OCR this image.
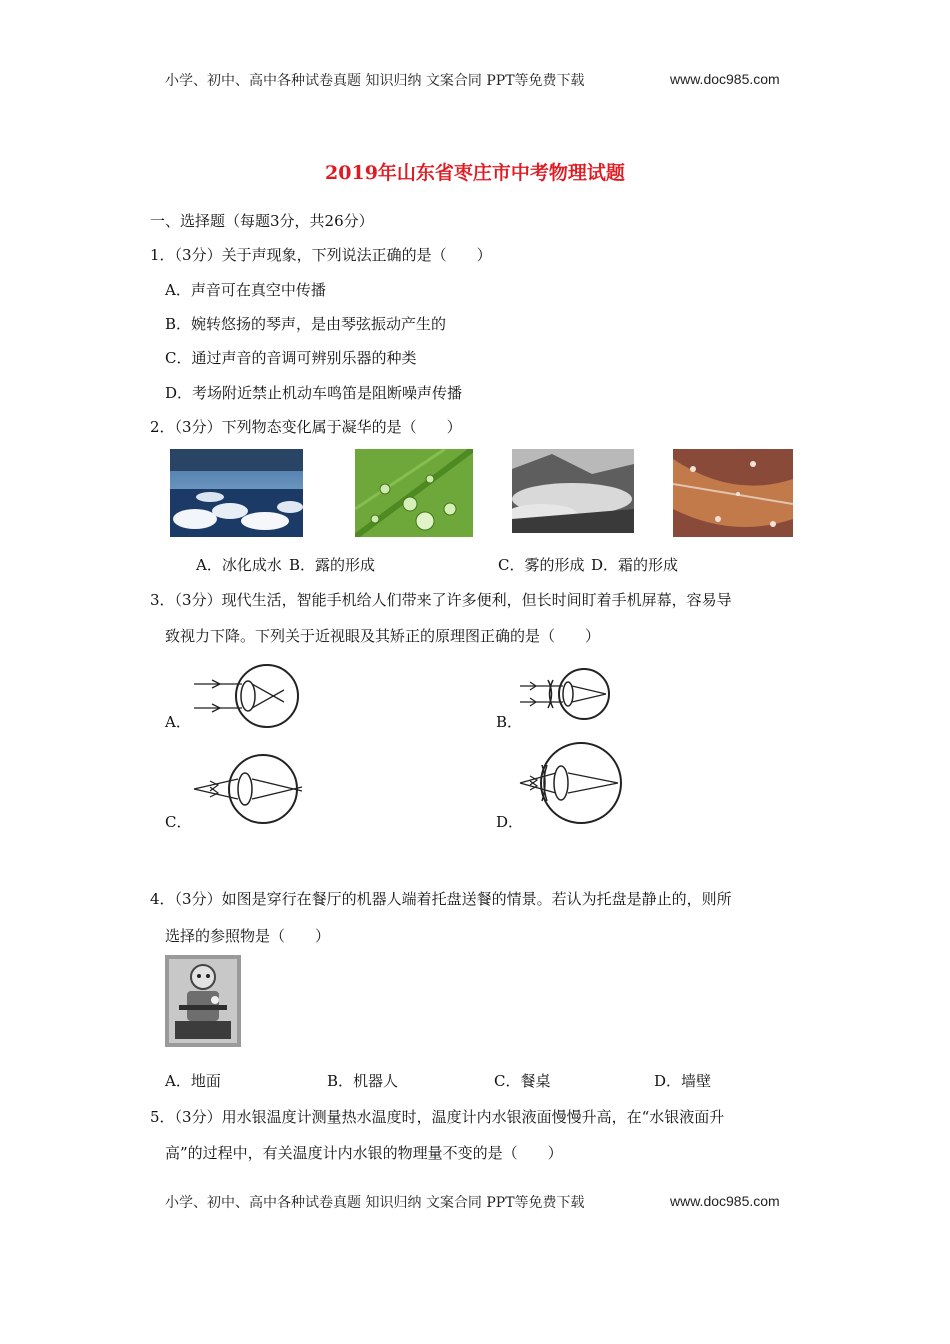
小学、初中、高中各种试卷真题 知识归纳 文案合同 PPT等免费下载	www.doc985.com
2019年山东省枣庄市中考物理试题
一、选择题（每题3分，共26分）
1．（3分）关于声现象，下列说法正确的是（　　）
A．声音可在真空中传播
B．婉转悠扬的琴声，是由琴弦振动产生的
C．通过声音的音调可辨别乐器的种类
D．考场附近禁止机动车鸣笛是阻断噪声传播
2．（3分）下列物态变化属于凝华的是（　　）
A．冰化成水 B．露的形成	C．雾的形成 D．霜的形成
3．（3分）现代生活，智能手机给人们带来了许多便利，但长时间盯着手机屏幕，容易导
致视力下降。下列关于近视眼及其矫正的原理图正确的是（　　）
A．	B．
C．	D．
4．（3分）如图是穿行在餐厅的机器人端着托盘送餐的情景。若认为托盘是静止的，则所
选择的参照物是（　　）
A．地面	B．机器人	C．餐桌	D．墙壁
5．（3分）用水银温度计测量热水温度时，温度计内水银液面慢慢升高，在“水银液面升
高”的过程中，有关温度计内水银的物理量不变的是（　　）
小学、初中、高中各种试卷真题 知识归纳 文案合同 PPT等免费下载	www.doc985.com
